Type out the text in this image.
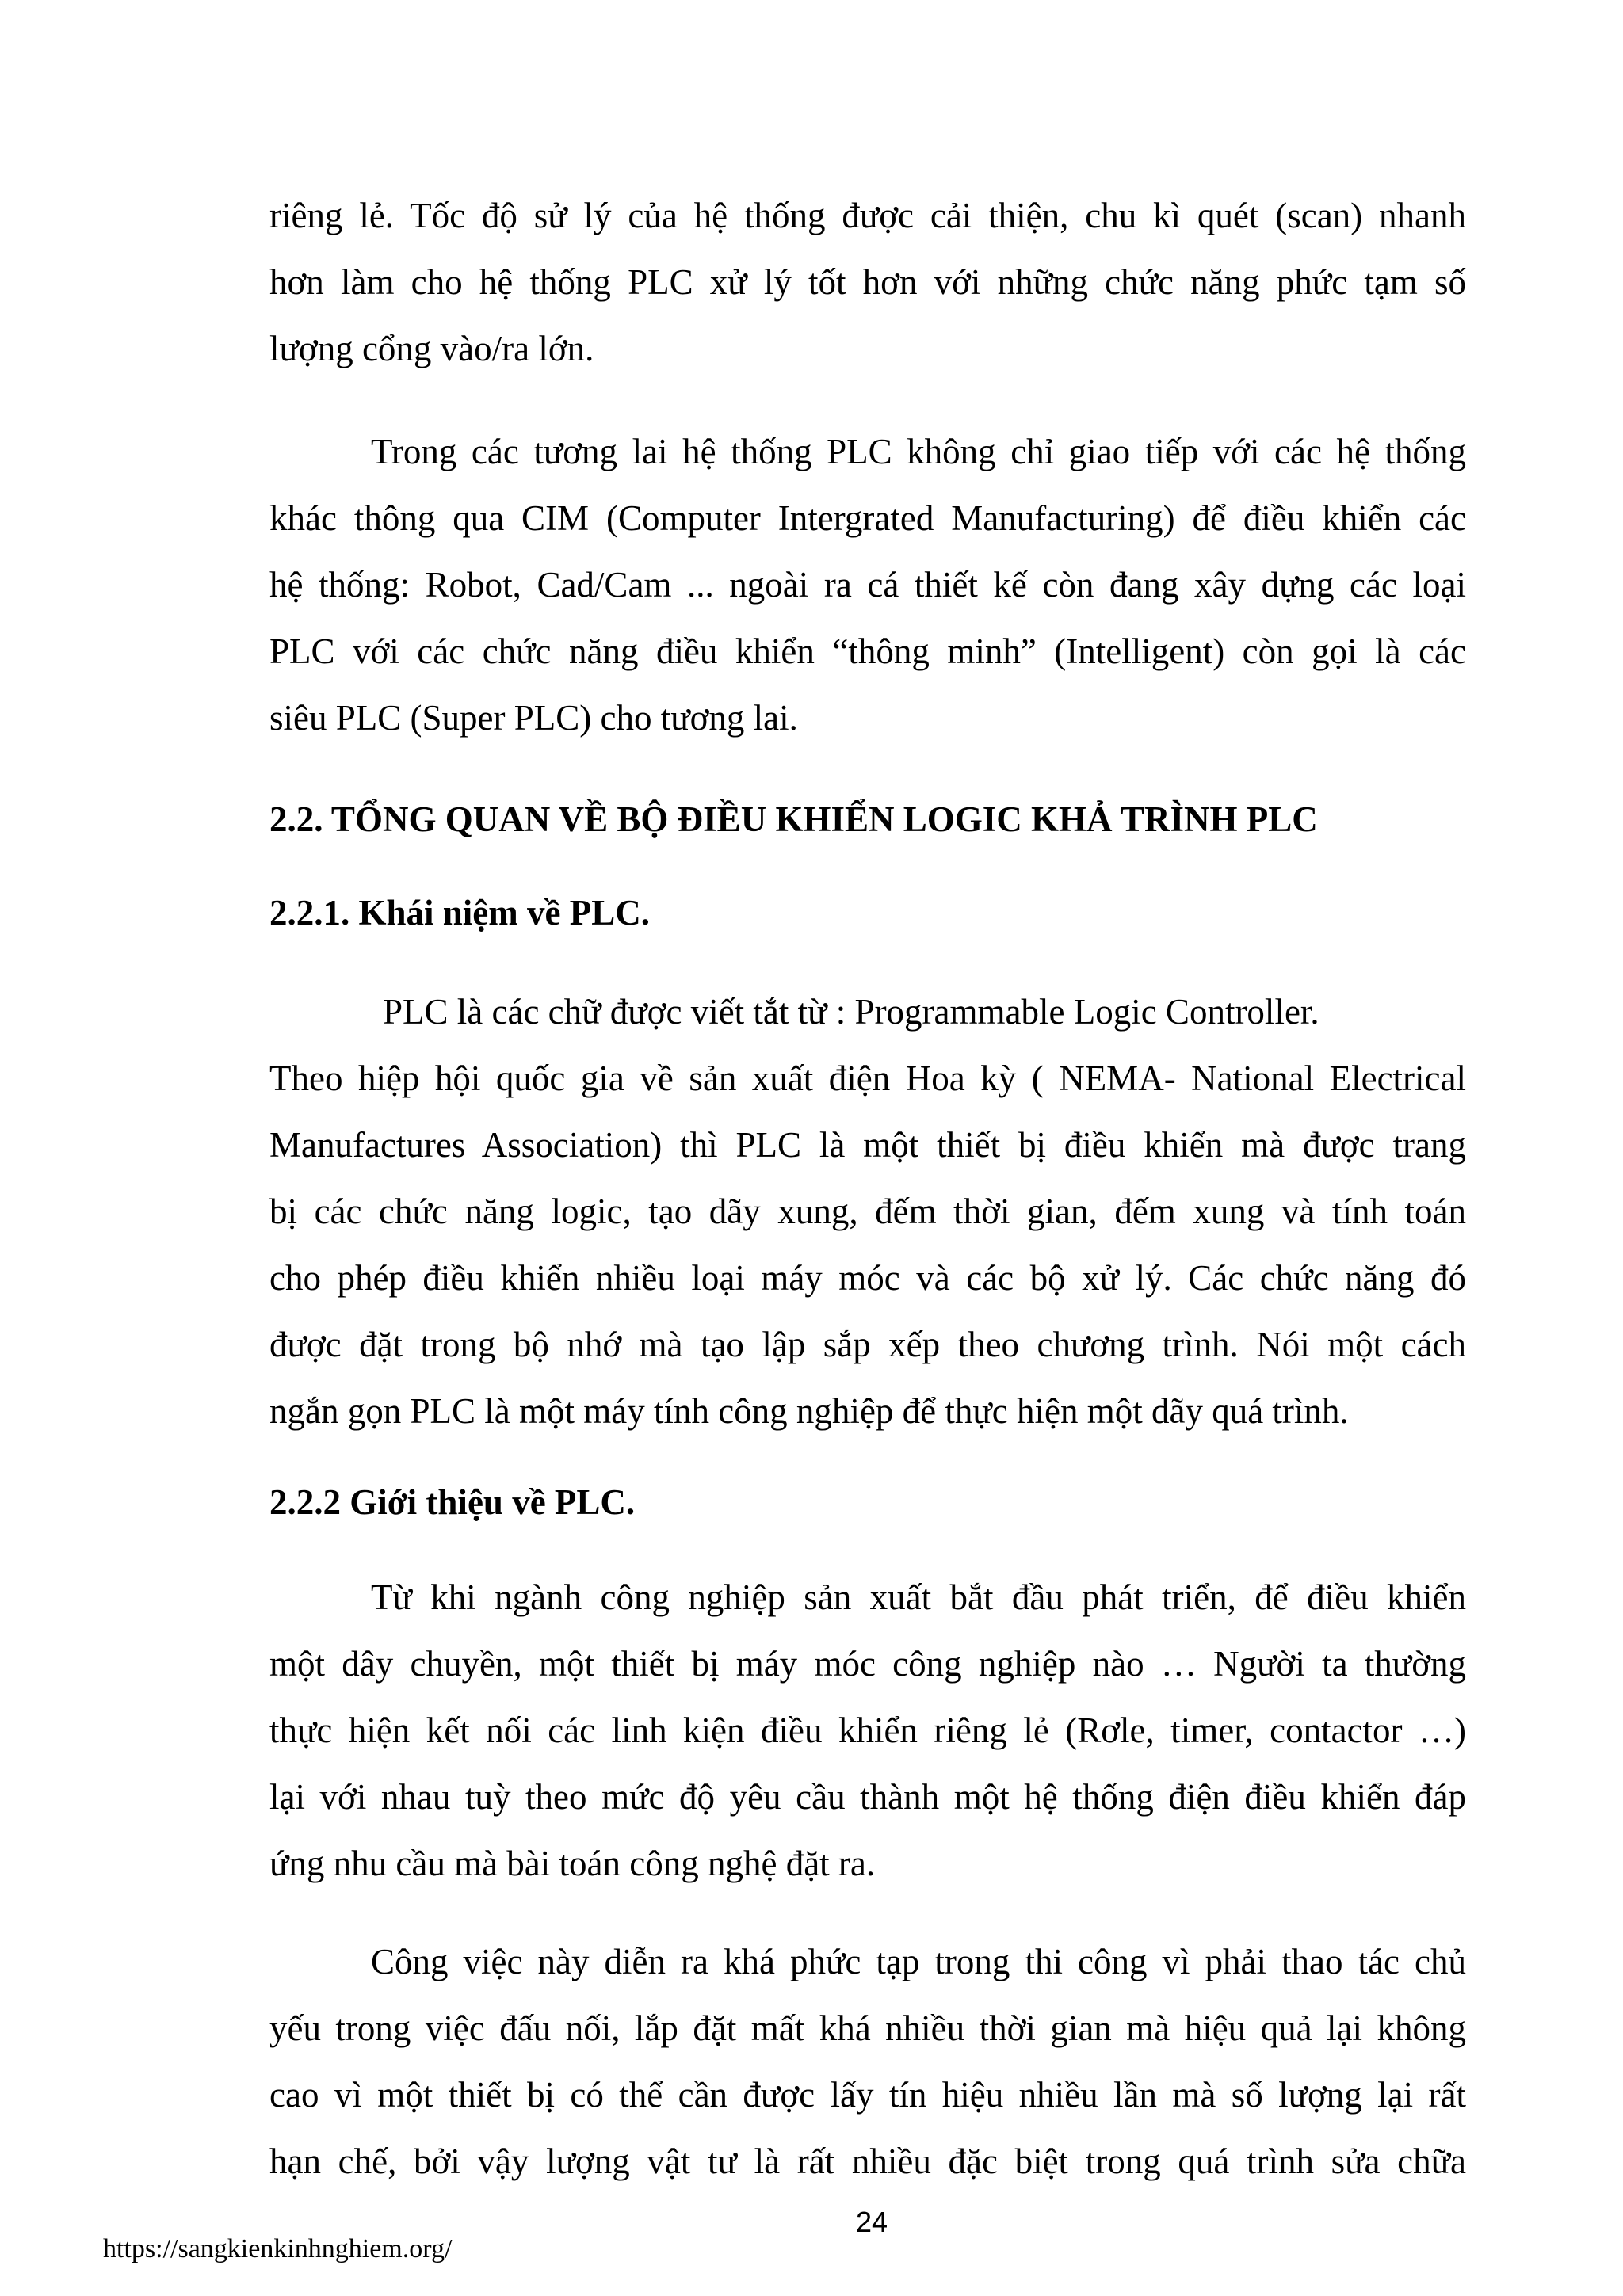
riêng lẻ. Tốc độ sử lý của hệ thống được cải thiện, chu kì quét (scan) nhanh
hơn làm cho hệ thống PLC xử lý tốt hơn với những chức năng phức tạm số
lượng cổng vào/ra lớn.
Trong các tương lai hệ thống PLC không chỉ giao tiếp với các hệ thống
khác thông qua CIM (Computer Intergrated Manufacturing) để điều khiển các
hệ thống: Robot, Cad/Cam ... ngoài ra cá thiết kế còn đang xây dựng các loại
PLC với các chức năng điều khiển “thông minh” (Intelligent) còn gọi là các
siêu PLC (Super PLC) cho tương lai.
2.2. TỔNG QUAN VỀ BỘ ĐIỀU KHIỂN LOGIC KHẢ TRÌNH PLC
2.2.1. Khái niệm về PLC.
PLC là các chữ được viết tắt từ : Programmable Logic Controller.
Theo hiệp hội quốc gia về sản xuất điện Hoa kỳ ( NEMA- National Electrical
Manufactures Association) thì PLC là một thiết bị điều khiển mà được trang
bị các chức năng logic, tạo dãy xung, đếm thời gian, đếm xung và tính toán
cho phép điều khiển nhiều loại máy móc và các bộ xử lý. Các chức năng đó
được đặt trong bộ nhớ mà tạo lập sắp xếp theo chương trình. Nói một cách
ngắn gọn PLC là một máy tính công nghiệp để thực hiện một dãy quá trình.
2.2.2 Giới thiệu về PLC.
Từ khi ngành công nghiệp sản xuất bắt đầu phát triển, để điều khiển
một dây chuyền, một thiết bị máy móc công nghiệp nào … Người ta thường
thực hiện kết nối các linh kiện điều khiển riêng lẻ (Rơle, timer, contactor …)
lại với nhau tuỳ theo mức độ yêu cầu thành một hệ thống điện điều khiển đáp
ứng nhu cầu mà bài toán công nghệ đặt ra.
Công việc này diễn ra khá phức tạp trong thi công vì phải thao tác chủ
yếu trong việc đấu nối, lắp đặt mất khá nhiều thời gian mà hiệu quả lại không
cao vì một thiết bị có thể cần được lấy tín hiệu nhiều lần mà số lượng lại rất
hạn chế, bởi vậy lượng vật tư là rất nhiều đặc biệt trong quá trình sửa chữa
24
https://sangkienkinhnghiem.org/
